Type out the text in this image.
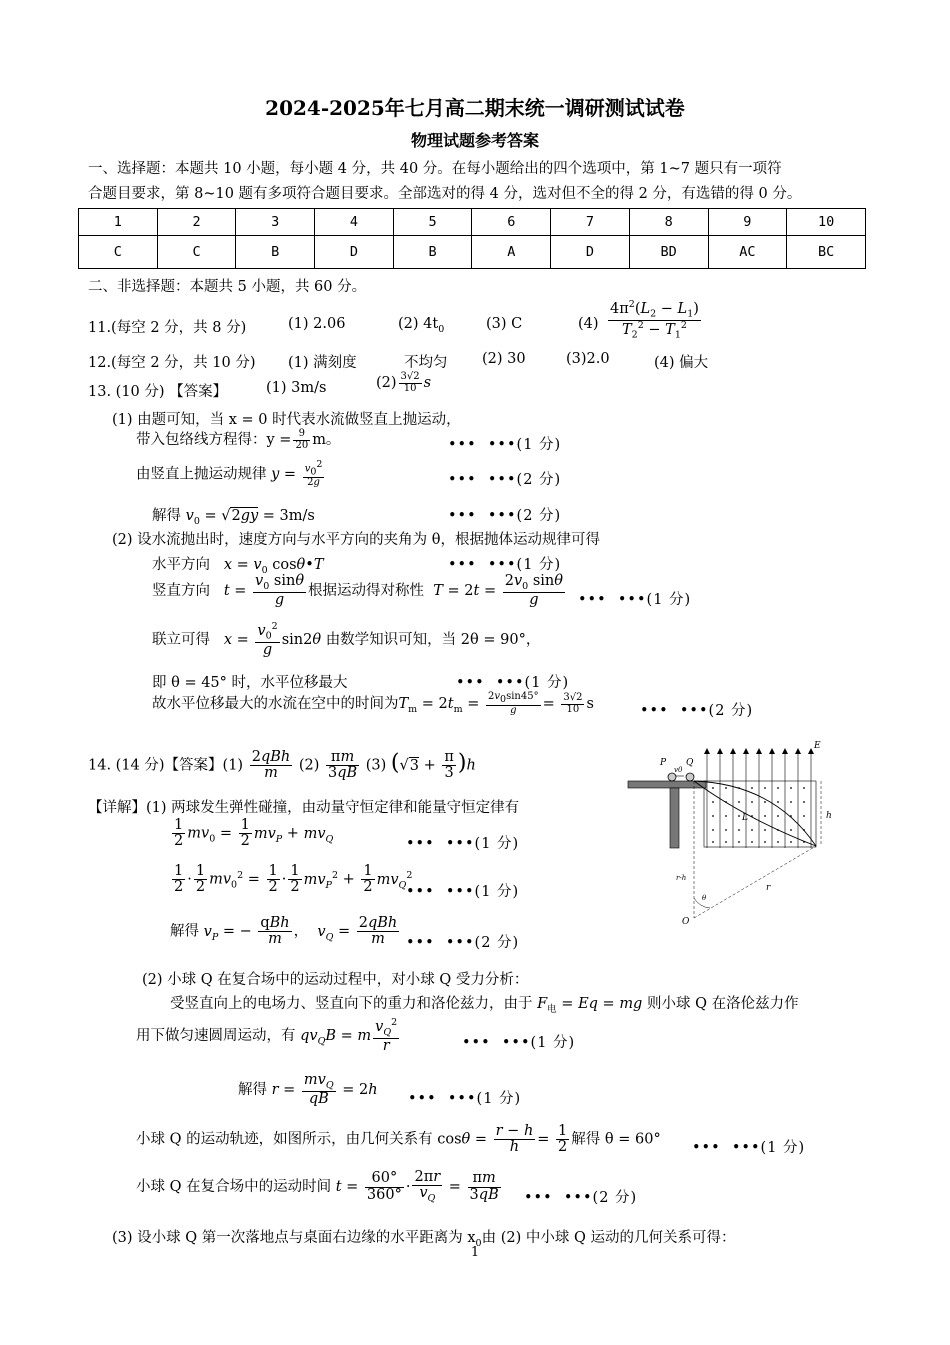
2024-2025年七月高二期末统一调研测试试卷
物理试题参考答案
一、选择题：本题共 10 小题，每小题 4 分，共 40 分。在每小题给出的四个选项中，第 1~7 题只有一项符
合题目要求，第 8~10 题有多项符合题目要求。全部选对的得 4 分，选对但不全的得 2 分，有选错的得 0 分。
1	2	3	4	5	6	7	8	9	10
C	C	B	D	B	A	D	BD	AC	BC
二、非选择题：本题共 5 小题，共 60 分。
11.(每空 2 分，共 8 分)	(1) 2.06	(2) $4t_0$	(3) C	$(4) \frac{4\pi^2(L_2 - L_1)}{T_2^2 - T_1^2}$
12.(每空 2 分，共 10 分) (1) 满刻度	不均匀 (2) 30	(3)2.0	(4) 偏大
13. (10 分) 【答案】	(1) 3m/s	$(2) \frac{3√2}{10}$ s
(1) 由题可知，当 x = 0 时代表水流做竖直上抛运动，
带入包络线方程得：$y = \frac{9}{20}$ m。	•••  •••(1 分)
由竖直上抛运动规律 $y = \frac{v_0^2}{2g}$	•••  •••(2 分)
解得 $v_0 = √2gy = 3m/s$	•••  •••(2 分)
(2) 设水流抛出时，速度方向与水平方向的夹角为 θ，根据抛体运动规律可得
水平方向 $x = v_0$ cosθ•T	•••  •••(1 分)
竖直方向 $t = \frac{v_0 \sin\theta}{g}$ 根据运动得对称性 $T = 2t = \frac{2v_0 \sin\theta}{g}$ •••  •••(1 分)
联立可得 $x = \frac{v_0^2}{g} \sin 2\theta$ 由数学知识可知，当 2θ = 90°，
即 θ = 45° 时，水平位移最大	•••  •••(1 分)
故水平位移最大的水流在空中的时间为$T_m = 2t_m = \frac{2v_0\sin 45^\circ}{g} = \frac{3√2}{10}$ s	•••  •••(2 分)
14. (14 分)【答案】$(1) \frac{\text{2qBh}}{m} (2) \frac{\pi m}{3qB} (3) (√3 + \frac{\pi}{3} )h$
【详解】(1) 两球发生弹性碰撞，由动量守恒定律和能量守恒定律有
$\frac{1}{2} mv_0 = \frac{1}{2} mv_P + mv_Q$	•••  •••(1 分)
$\frac{1}{2} \cdot \frac{1}{2} mv_0^2 = \frac{1}{2} \cdot \frac{1}{2} mv_P^2 + \frac{1}{2} mv_Q^2$
•••  •••(1 分)
解得 $v_P$ = − $\frac{\text{qBh}}{m}$ ，  $v_Q = \frac{\text{2qBh}}{m}$ •••  •••(2 分)
(2) 小球 Q 在复合场中的运动过程中，对小球 Q 受力分析：
受竖直向上的电场力、竖直向下的重力和洛伦兹力，由于 $F_电 = Eq$ = mg 则小球 Q 在洛伦兹力作
用下做匀速圆周运动，有 $qv_QB = m \frac{v_Q^2}{r}$	•••  •••(1 分)
解得 $r = \frac{mv_Q}{qB} = 2h$
•••  •••(1 分)
小球 Q 的运动轨迹，如图所示，由几何关系有 $\cos\theta = \frac{r - h}{h} = \frac{1}{2}$ 解得 θ = 60°
•••  •••(1 分)
小球 Q 在复合场中的运动时间 $t = \frac{60^\circ}{360^\circ} \cdot \frac{2\pi r}{v_Q} = \frac{\pi m}{3qB}$ •••  •••(2 分)
(3) 设小球 Q 第一次落地点与桌面右边缘的水平距离为 $x_0$由 (2) 中小球 Q 运动的几何关系可得：
P Q
v0
E
h
L
r-h
r
θ
O
1
